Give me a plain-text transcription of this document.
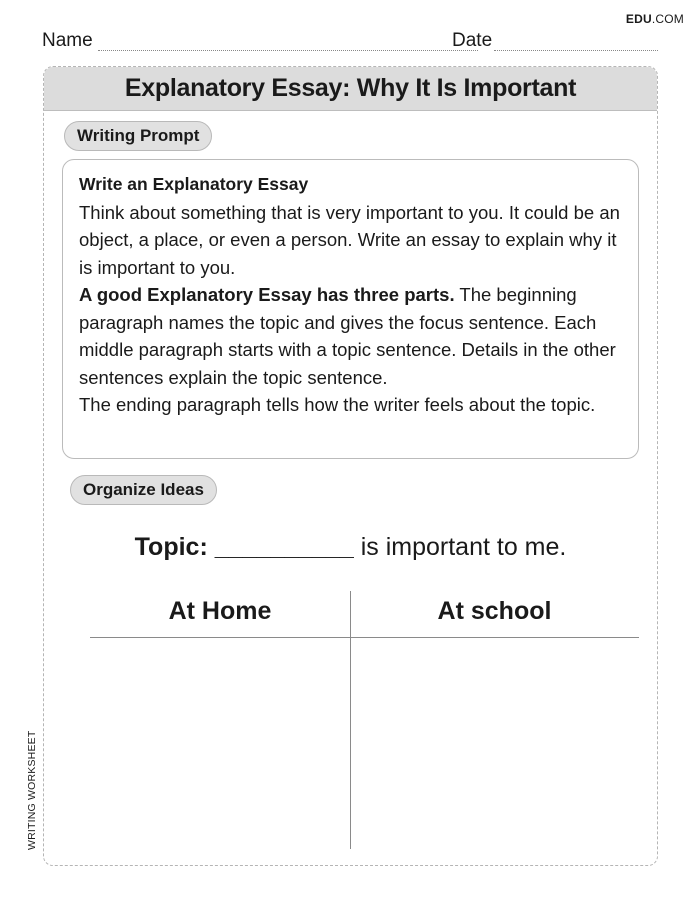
EDU.COM
Name	Date
Explanatory Essay: Why It Is Important
Writing Prompt

Write an Explanatory Essay

Think about something that is very important to you. It could be an object, a place, or even a person. Write an essay to explain why it is important to you.

A good Explanatory Essay has three parts. The beginning paragraph names the topic and gives the focus sentence. Each middle paragraph starts with a topic sentence. Details in the other sentences explain the topic sentence.

The ending paragraph tells how the writer feels about the topic.

Organize Ideas
Topic: __________ is important to me.
At Home	At school
WRITING WORKSHEET
